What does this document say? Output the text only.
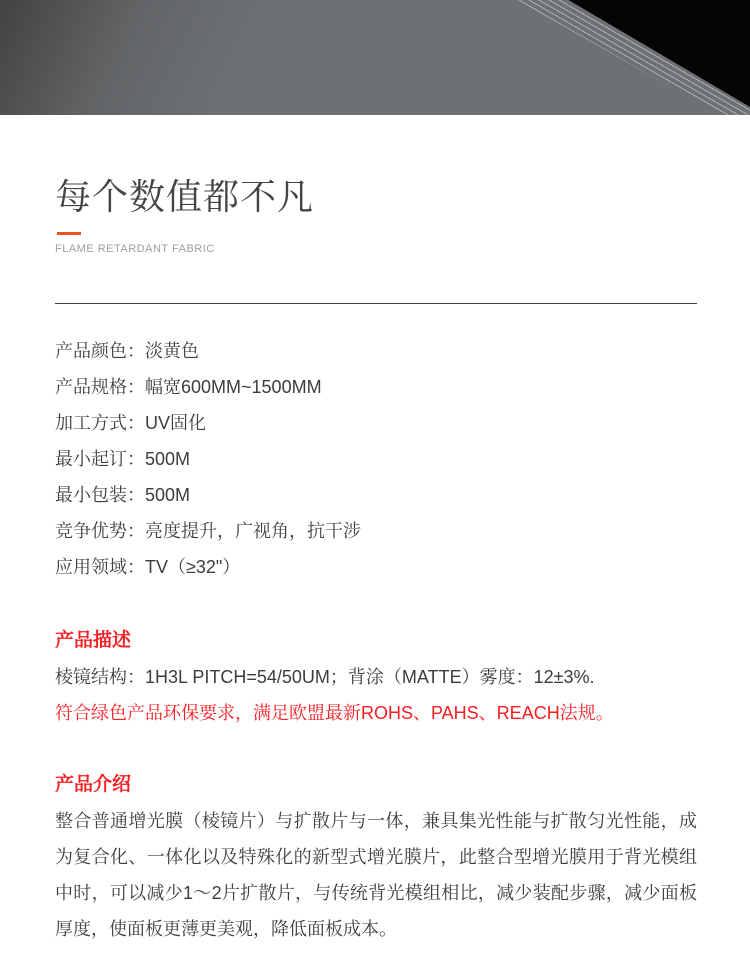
每个数值都不凡
FLAME RETARDANT FABRIC
产品颜色：淡黄色
产品规格：幅宽600MM~1500MM
加工方式：UV固化
最小起订：500M
最小包装：500M
竞争优势：亮度提升，广视角，抗干涉
应用领域：TV（≥32"）
产品描述

棱镜结构：1H3L PITCH=54/50UM；背涂（MATTE）雾度：12±3%.

符合绿色产品环保要求，满足欧盟最新ROHS、PAHS、REACH法规。

产品介绍

整合普通增光膜（棱镜片）与扩散片与一体，兼具集光性能与扩散匀光性能，成为复合化、一体化以及特殊化的新型式增光膜片，此整合型增光膜用于背光模组中时，可以减少1～2片扩散片，与传统背光模组相比，减少装配步骤，减少面板厚度，使面板更薄更美观，降低面板成本。
